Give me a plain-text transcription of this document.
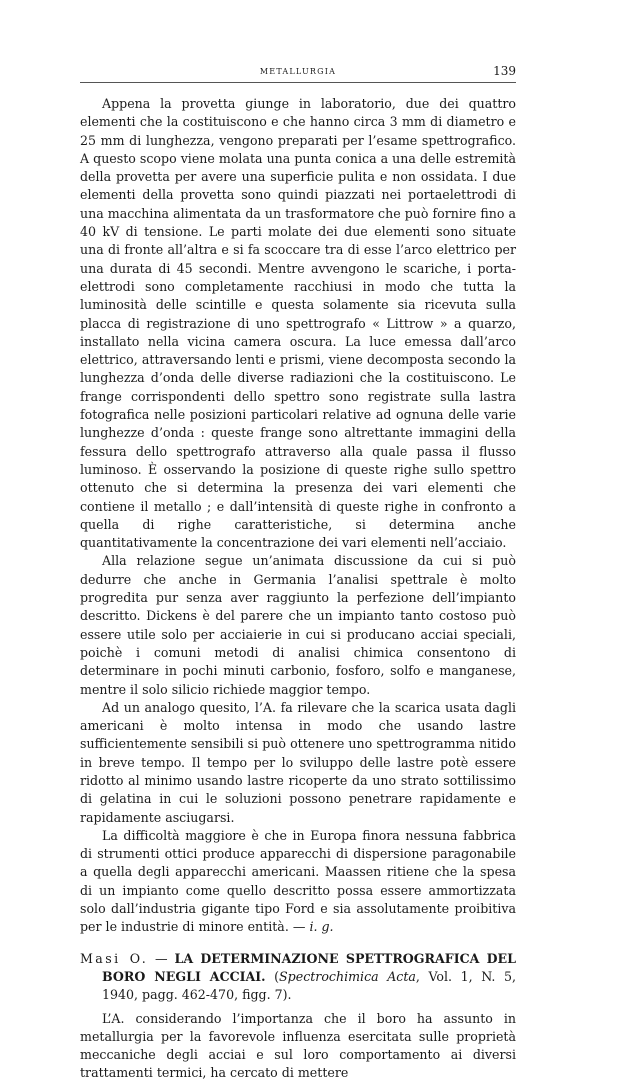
METALLURGIA	139

Appena la provetta giunge in laboratorio, due dei quattro elementi che la costituiscono e che hanno circa 3 mm di diametro e 25 mm di lunghezza, vengono preparati per l’esame spettrografico. A questo scopo viene molata una punta conica a una delle estremità della provetta per avere una superficie pulita e non ossidata. I due elementi della provetta sono quindi piazzati nei portaelettrodi di una macchina alimentata da un trasformatore che può fornire fino a 40 kV di tensione. Le parti molate dei due elementi sono situate una di fronte all’altra e si fa scoccare tra di esse l’arco elettrico per una durata di 45 secondi. Mentre avvengono le scariche, i porta-elettrodi sono completamente racchiusi in modo che tutta la luminosità delle scintille e questa solamente sia ricevuta sulla placca di registrazione di uno spettrografo « Littrow » a quarzo, installato nella vicina camera oscura. La luce emessa dall’arco elettrico, attraversando lenti e prismi, viene decomposta secondo la lunghezza d’onda delle diverse radiazioni che la costituiscono. Le frange corrispondenti dello spettro sono registrate sulla lastra fotografica nelle posizioni particolari relative ad ognuna delle varie lunghezze d’onda : queste frange sono altrettante immagini della fessura dello spettrografo attraverso alla quale passa il flusso luminoso. È osservando la posizione di queste righe sullo spettro ottenuto che si determina la presenza dei vari elementi che contiene il metallo ; e dall’intensità di queste righe in confronto a quella di righe caratteristiche, si determina anche quantitativamente la concentrazione dei vari elementi nell’acciaio.

Alla relazione segue un’animata discussione da cui si può dedurre che anche in Germania l’analisi spettrale è molto progredita pur senza aver raggiunto la perfezione dell’impianto descritto. Dickens è del parere che un impianto tanto costoso può essere utile solo per acciaierie in cui si producano acciai speciali, poichè i comuni metodi di analisi chimica consentono di determinare in pochi minuti carbonio, fosforo, solfo e manganese, mentre il solo silicio richiede maggior tempo.

Ad un analogo quesito, l’A. fa rilevare che la scarica usata dagli americani è molto intensa in modo che usando lastre sufficientemente sensibili si può ottenere uno spettrogramma nitido in breve tempo. Il tempo per lo sviluppo delle lastre potè essere ridotto al minimo usando lastre ricoperte da uno strato sottilissimo di gelatina in cui le soluzioni possono penetrare rapidamente e rapidamente asciugarsi.

La difficoltà maggiore è che in Europa finora nessuna fabbrica di strumenti ottici produce apparecchi di dispersione paragonabile a quella degli apparecchi americani. Maassen ritiene che la spesa di un impianto come quello descritto possa essere ammortizzata solo dall’industria gigante tipo Ford e sia assolutamente proibitiva per le industrie di minore entità. — i. g.

Masi O. — LA DETERMINAZIONE SPETTROGRAFICA DEL BORO NEGLI ACCIAI. (Spectrochimica Acta, Vol. 1, N. 5, 1940, pagg. 462-470, figg. 7).

L’A. considerando l’importanza che il boro ha assunto in metallurgia per la favorevole influenza esercitata sulle proprietà meccaniche degli acciai e sul loro comportamento ai diversi trattamenti termici, ha cercato di mettere
